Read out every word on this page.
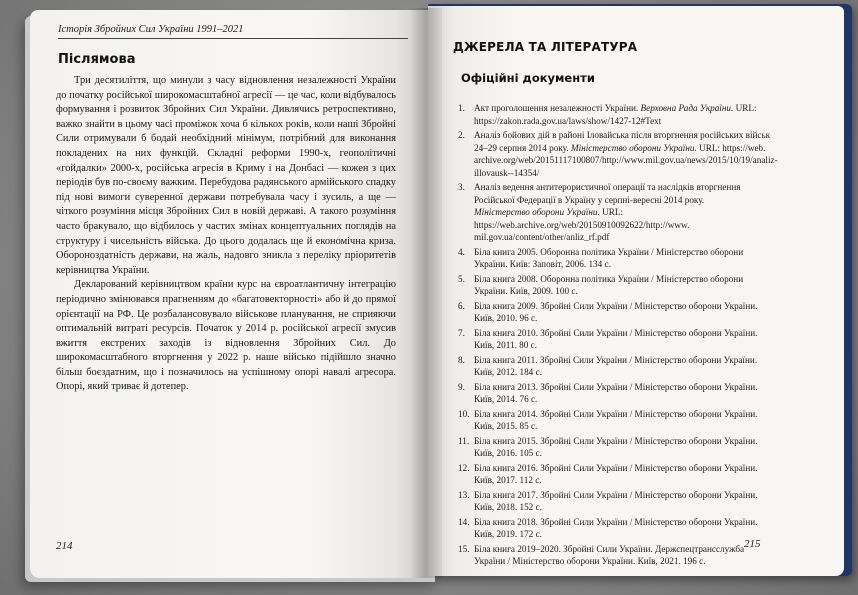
Історія Збройних Сил України 1991–2021
Післямова

Три десятиліття, що минули з часу відновлення незалежності України до початку російської широкомасштабної агресії — це час, коли відбувалось формування і розвиток Збройних Сил України. Дивлячись ретроспективно, важко знайти в цьому часі проміжок хоча б кількох років, коли наші Збройні Сили отримували б бодай необхідний мінімум, потрібний для виконання покладених на них функцій. Складні реформи 1990-х, геополітичні «гойдалки» 2000-х, російська агресія в Криму і на Донбасі — кожен з цих періодів був по-своєму важким. Перебудова радянського армійського спадку під нові вимоги суверенної держави потребувала часу і зусиль, а ще — чіткого розуміння місця Збройних Сил в новій державі. А такого розуміння часто бракувало, що відбилось у частих змінах концептуальних поглядів на структуру і чисельність війська. До цього додалась ще й економічна криза. Обороноздатність держави, на жаль, надовго зникла з переліку пріоритетів керівництва України.

Декларований керівництвом країни курс на євроатлантичну інтеграцію періодично змінювався прагненням до «багатовекторності» або й до прямої орієнтації на РФ. Це розбалансовувало військове планування, не сприяючи оптимальній витраті ресурсів. Початок у 2014 р. російської агресії змусив вжиття екстрених заходів із відновлення Збройних Сил. До широкомасштабного вторгнення у 2022 р. наше військо підійшло значно більш боєздатним, що і позначилось на успішному опорі навалі агресора. Опорі, який триває й дотепер.

214
ДЖЕРЕЛА ТА ЛІТЕРАТУРА
Офіційні документи
1. Акт проголошення незалежності України. Верховна Рада України. URL: https://zakon.rada.gov.ua/laws/show/1427-12#Text
2. Аналіз бойових дій в районі Іловайська після вторгнення російських військ 24–29 серпня 2014 року. Міністерство оборони України. URL: https://web. archive.org/web/20151117100807/http://www.mil.gov.ua/news/2015/10/19/analiz-illovausk--14354/
3. Аналіз ведення антитерористичної операції та наслідків вторгнення Російської Федерації в Україну у серпні-вересні 2014 року. Міністерство оборони України. URL: https://web.archive.org/web/20150910092622/http://www. mil.gov.ua/content/other/anliz_rf.pdf
4. Біла книга 2005. Оборонна політика України / Міністерство оборони України. Київ: Заповіт, 2006. 134 с.
5. Біла книга 2008. Оборонна політика України / Міністерство оборони України. Київ, 2009. 100 с.
6. Біла книга 2009. Збройні Сили України / Міністерство оборони України. Київ, 2010. 96 с.
7. Біла книга 2010. Збройні Сили України / Міністерство оборони України. Київ, 2011. 80 с.
8. Біла книга 2011. Збройні Сили України / Міністерство оборони України. Київ, 2012. 184 с.
9. Біла книга 2013. Збройні Сили України / Міністерство оборони України. Київ, 2014. 76 с.
10. Біла книга 2014. Збройні Сили України / Міністерство оборони України. Київ, 2015. 85 с.
11. Біла книга 2015. Збройні Сили України / Міністерство оборони України. Київ, 2016. 105 с.
12. Біла книга 2016. Збройні Сили України / Міністерство оборони України. Київ, 2017. 112 с.
13. Біла книга 2017. Збройні Сили України / Міністерство оборони України. Київ, 2018. 152 с.
14. Біла книга 2018. Збройні Сили України / Міністерство оборони України. Київ, 2019. 172 с.
15. Біла книга 2019–2020. Збройні Сили України. Держспецтрансслужба України / Міністерство оборони України. Київ, 2021. 196 с.
215
